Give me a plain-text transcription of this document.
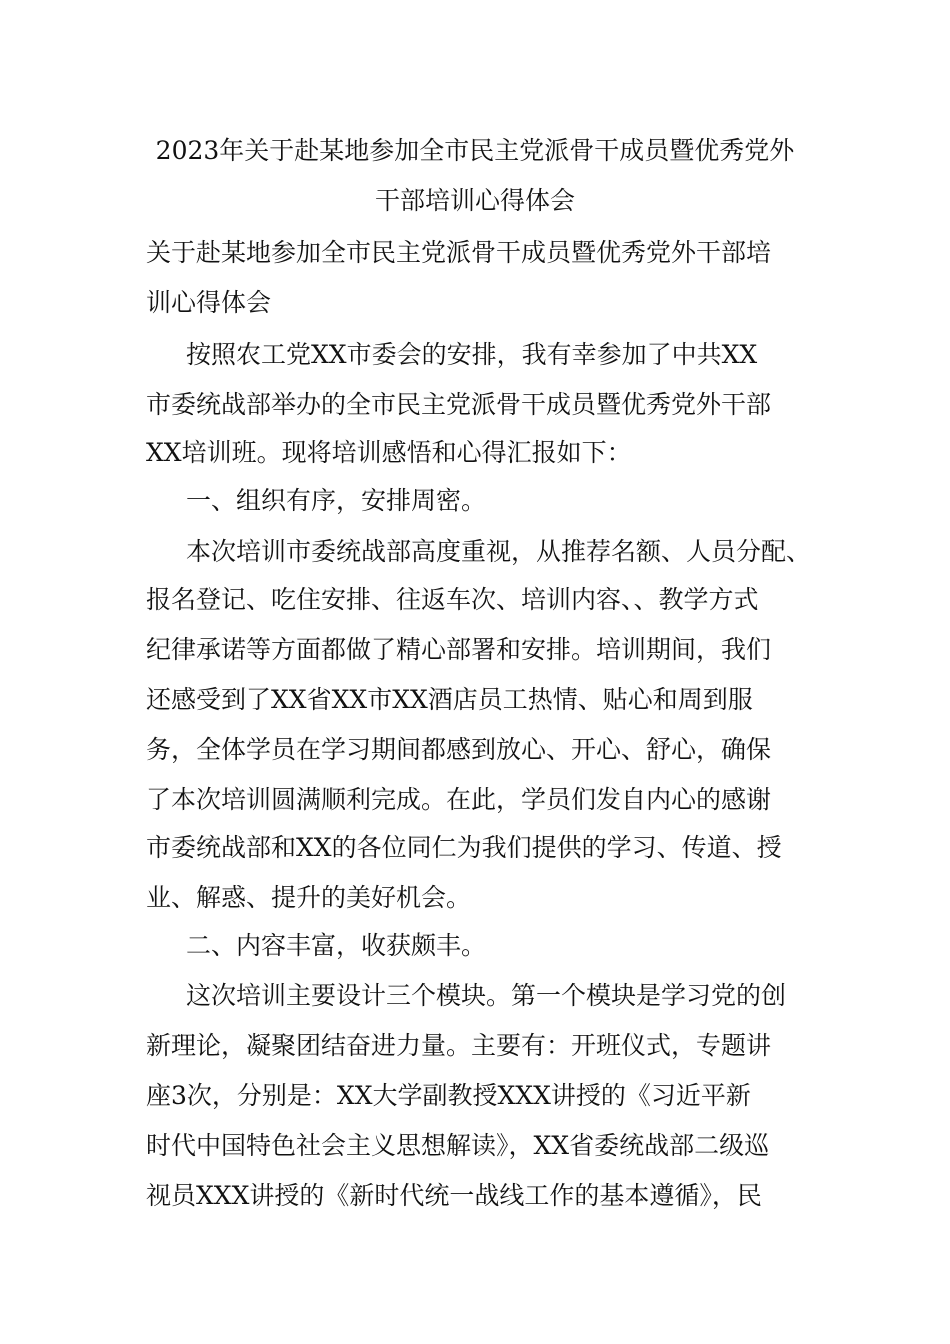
2023年关于赴某地参加全市民主党派骨干成员暨优秀党外
干部培训心得体会

关于赴某地参加全市民主党派骨干成员暨优秀党外干部培

训心得体会

按照农工党XX市委会的安排，我有幸参加了中共XX

市委统战部举办的全市民主党派骨干成员暨优秀党外干部

XX培训班。现将培训感悟和心得汇报如下：

一、组织有序，安排周密。

本次培训市委统战部高度重视，从推荐名额、人员分配、

报名登记、吃住安排、往返车次、培训内容、、教学方式

纪律承诺等方面都做了精心部署和安排。培训期间，我们

还感受到了XX省XX市XX酒店员工热情、贴心和周到服

务，全体学员在学习期间都感到放心、开心、舒心，确保

了本次培训圆满顺利完成。在此，学员们发自内心的感谢

市委统战部和XX的各位同仁为我们提供的学习、传道、授

业、解惑、提升的美好机会。

二、内容丰富，收获颇丰。

这次培训主要设计三个模块。第一个模块是学习党的创

新理论，凝聚团结奋进力量。主要有：开班仪式，专题讲

座3次，分别是：XX大学副教授XXX讲授的《习近平新

时代中国特色社会主义思想解读》，XX省委统战部二级巡

视员XXX讲授的《新时代统一战线工作的基本遵循》，民
